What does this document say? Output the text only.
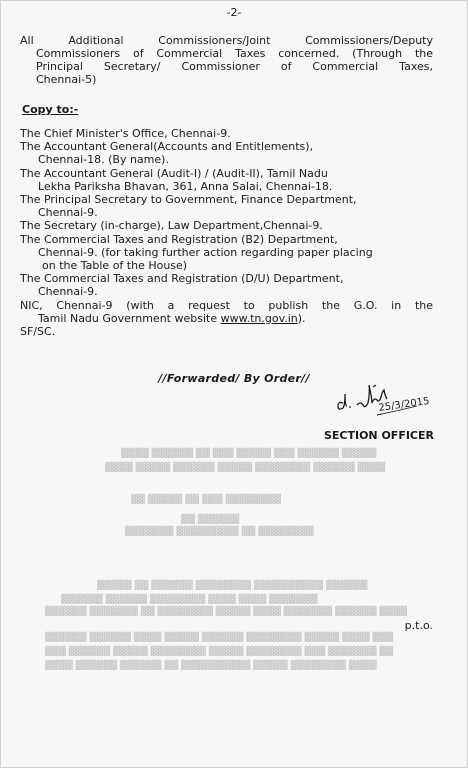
▓▓▓▓ ▓▓▓▓▓▓ ▓▓ ▓▓▓ ▓▓▓▓▓ ▓▓▓ ▓▓▓▓▓▓ ▓▓▓▓▓
▓▓▓▓ ▓▓▓▓▓ ▓▓▓▓▓▓ ▓▓▓▓▓ ▓▓▓▓▓▓▓▓ ▓▓▓▓▓▓ ▓▓▓▓
▓▓ ▓▓▓▓▓ ▓▓ ▓▓▓ ▓▓▓▓▓▓▓▓
▓▓ ▓▓▓▓▓▓
▓▓▓▓▓▓▓ ▓▓▓▓▓▓▓▓▓ ▓▓ ▓▓▓▓▓▓▓▓
▓▓▓▓▓ ▓▓ ▓▓▓▓▓▓ ▓▓▓▓▓▓▓▓ ▓▓▓▓▓▓▓▓▓▓ ▓▓▓▓▓▓
▓▓▓▓▓▓ ▓▓▓▓▓▓ ▓▓▓▓▓▓▓▓ ▓▓▓▓ ▓▓▓▓ ▓▓▓▓▓▓▓
▓▓▓▓▓▓ ▓▓▓▓▓▓▓ ▓▓ ▓▓▓▓▓▓▓▓ ▓▓▓▓▓ ▓▓▓▓ ▓▓▓▓▓▓▓ ▓▓▓▓▓▓ ▓▓▓▓
▓▓▓▓▓▓ ▓▓▓▓▓▓ ▓▓▓▓ ▓▓▓▓▓ ▓▓▓▓▓▓ ▓▓▓▓▓▓▓▓ ▓▓▓▓▓ ▓▓▓▓ ▓▓▓
▓▓▓ ▓▓▓▓▓▓ ▓▓▓▓▓ ▓▓▓▓▓▓▓▓ ▓▓▓▓▓ ▓▓▓▓▓▓▓▓ ▓▓▓ ▓▓▓▓▓▓▓ ▓▓
▓▓▓▓ ▓▓▓▓▓▓ ▓▓▓▓▓▓ ▓▓ ▓▓▓▓▓▓▓▓▓▓ ▓▓▓▓▓ ▓▓▓▓▓▓▓▓ ▓▓▓▓
-2-
All Additional Commissioners/Joint Commissioners/Deputy
Commissioners of Commercial Taxes concerned. (Through the
Principal Secretary/ Commissioner of Commercial Taxes,
Chennai-5)
Copy to:-
The Chief Minister's Office, Chennai-9.
The Accountant General(Accounts and Entitlements),
Chennai-18. (By name).
The Accountant General (Audit-I) / (Audit-II), Tamil Nadu
Lekha Pariksha Bhavan, 361, Anna Salai, Chennai-18.
The Principal Secretary to Government, Finance Department,
Chennai-9.
The Secretary (in-charge), Law Department,Chennai-9.
The Commercial Taxes and Registration (B2) Department,
Chennai-9. (for taking further action regarding paper placing
on the Table of the House)
The Commercial Taxes and Registration (D/U) Department,
Chennai-9.
NIC, Chennai-9 (with a request to publish the G.O. in the
Tamil Nadu Government website www.tn.gov.in).
SF/SC.
//Forwarded/ By Order//
25/3/2015
SECTION OFFICER
p.t.o.
